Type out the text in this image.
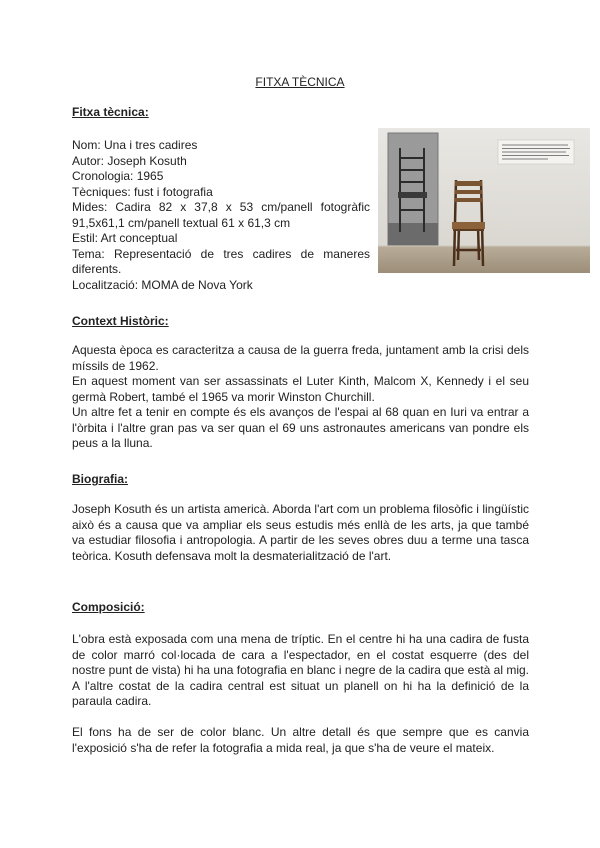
FITXA TÈCNICA
Fitxa tècnica:
Nom: Una i tres cadires
Autor: Joseph Kosuth
Cronologia: 1965
Tècniques: fust i fotografia
Mides: Cadira 82 x 37,8 x 53 cm/panell fotogràfic
91,5x61,1 cm/panell textual 61 x 61,3 cm
Estil: Art conceptual
Tema: Representació de tres cadires de maneres
diferents.
Localització: MOMA de Nova York
Context Històric:

Aquesta època es caracteritza a causa de la guerra freda, juntament amb la crisi dels míssils de 1962.

En aquest moment van ser assassinats el Luter Kinth, Malcom X, Kennedy i el seu germà Robert, també el 1965 va morir Winston Churchill.

Un altre fet a tenir en compte és els avanços de l'espai al 68 quan en Iuri va entrar a l'òrbita i l'altre gran pas va ser quan el 69 uns astronautes americans van pondre els peus a la lluna.

Biografia:

Joseph Kosuth és un artista americà. Aborda l'art com un problema filosòfic i lingüístic això és a causa que va ampliar els seus estudis més enllà de les arts, ja que també va estudiar filosofia i antropologia. A partir de les seves obres duu a terme una tasca teòrica. Kosuth defensava molt la desmaterialització de l'art.

Composició:

L'obra està exposada com una mena de tríptic. En el centre hi ha una cadira de fusta de color marró col·locada de cara a l'espectador, en el costat esquerre (des del nostre punt de vista) hi ha una fotografia en blanc i negre de la cadira que està al mig. A l'altre costat de la cadira central est situat un planell on hi ha la definició de la paraula cadira.

El fons ha de ser de color blanc. Un altre detall és que sempre que es canvia l'exposició s'ha de refer la fotografia a mida real, ja que s'ha de veure el mateix.
